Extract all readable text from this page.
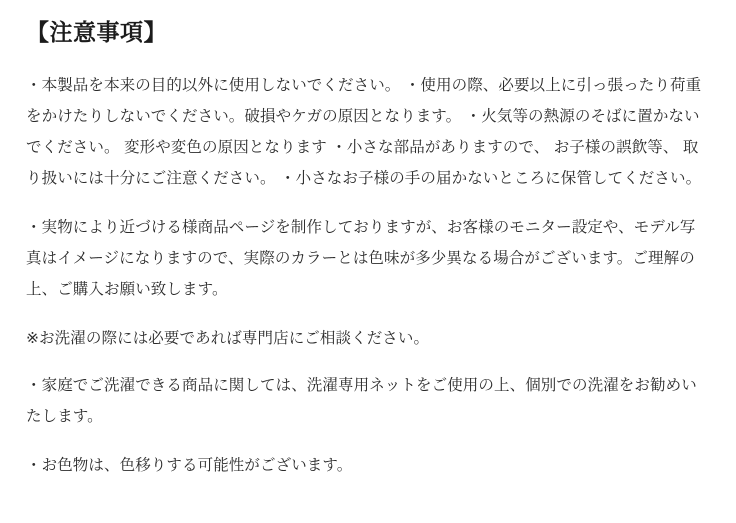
【注意事項】

・本製品を本来の目的以外に使用しないでください。 ・使用の際、必要以上に引っ張ったり荷重をかけたりしないでください。破損やケガの原因となります。 ・火気等の熱源のそばに置かないでください。 変形や変色の原因となります ・小さな部品がありますので、 お子様の誤飲等、 取り扱いには十分にご注意ください。 ・小さなお子様の手の届かないところに保管してください。

・実物により近づける様商品ページを制作しておりますが、お客様のモニター設定や、モデル写真はイメージになりますので、実際のカラーとは色味が多少異なる場合がございます。ご理解の上、ご購入お願い致します。

※お洗濯の際には必要であれば専門店にご相談ください。

・家庭でご洗濯できる商品に関しては、洗濯専用ネットをご使用の上、個別での洗濯をお勧めいたします。

・お色物は、色移りする可能性がございます。
